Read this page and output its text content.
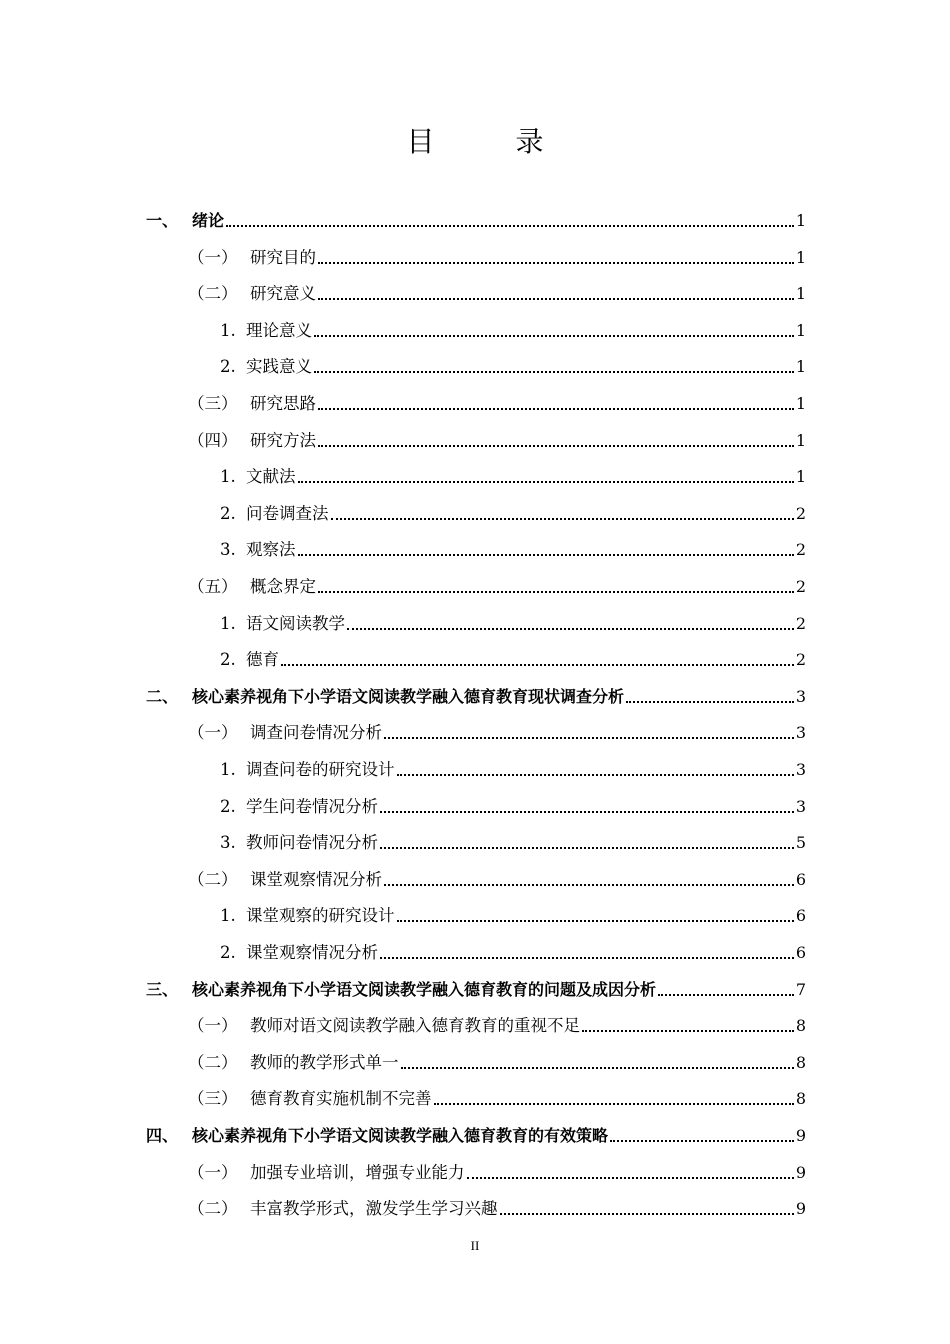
目 录
一、 绪论	1
（一） 研究目的	1
（二） 研究意义	1
1. 理论意义	1
2. 实践意义	1
（三） 研究思路	1
（四） 研究方法	1
1. 文献法	1
2. 问卷调查法	2
3. 观察法	2
（五） 概念界定	2
1. 语文阅读教学	2
2. 德育	2
二、 核心素养视角下小学语文阅读教学融入德育教育现状调查分析	3
（一） 调查问卷情况分析	3
1. 调查问卷的研究设计	3
2. 学生问卷情况分析	3
3. 教师问卷情况分析	5
（二） 课堂观察情况分析	6
1. 课堂观察的研究设计	6
2. 课堂观察情况分析	6
三、 核心素养视角下小学语文阅读教学融入德育教育的问题及成因分析	7
（一） 教师对语文阅读教学融入德育教育的重视不足	8
（二） 教师的教学形式单一	8
（三） 德育教育实施机制不完善	8
四、 核心素养视角下小学语文阅读教学融入德育教育的有效策略	9
（一） 加强专业培训，增强专业能力	9
（二） 丰富教学形式，激发学生学习兴趣	9
II
